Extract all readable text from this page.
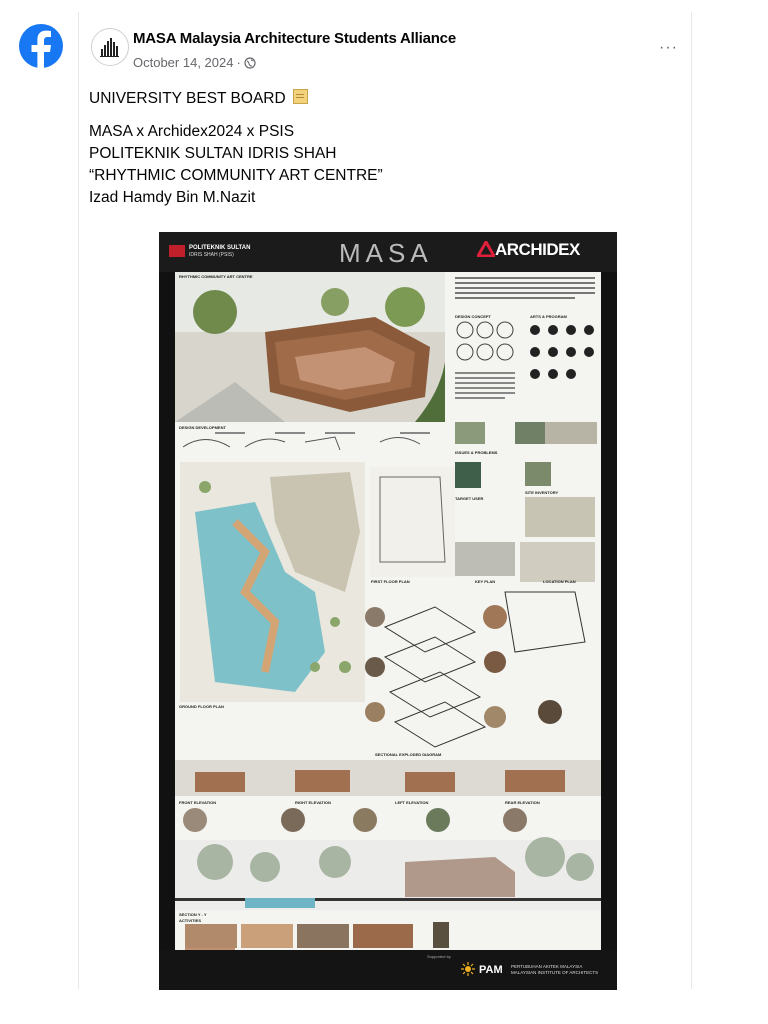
MASA Malaysia Architecture Students Alliance
October 14, 2024 ·
···
UNIVERSITY BEST BOARD
MASA x Archidex2024 x PSIS
POLITEKNIK SULTAN IDRIS SHAH
“RHYTHMIC COMMUNITY ART CENTRE”
Izad Hamdy Bin M.Nazit
POLITEKNIK SULTAN
IDRIS SHAH (PSIS)	MASA	ARCHIDEX
RHYTHMIC COMMUNITY ART CENTRE
DESIGN CONCEPT	ARTS & PROGRAM
DESIGN DEVELOPMENT
ISSUES & PROBLEMS
TARGET USER
SITE INVENTORY
FIRST FLOOR PLAN	KEY PLAN	LOCATION PLAN
GROUND FLOOR PLAN
SECTIONAL EXPLODED DIAGRAM
FRONT ELEVATION	RIGHT ELEVATION	LEFT ELEVATION	REAR ELEVATION
SECTION Y - Y
ACTIVITIES
Supported by
PAM PERTUBUHAN AKITEK MALAYSIA MALAYSIAN INSTITUTE OF ARCHITECTS
